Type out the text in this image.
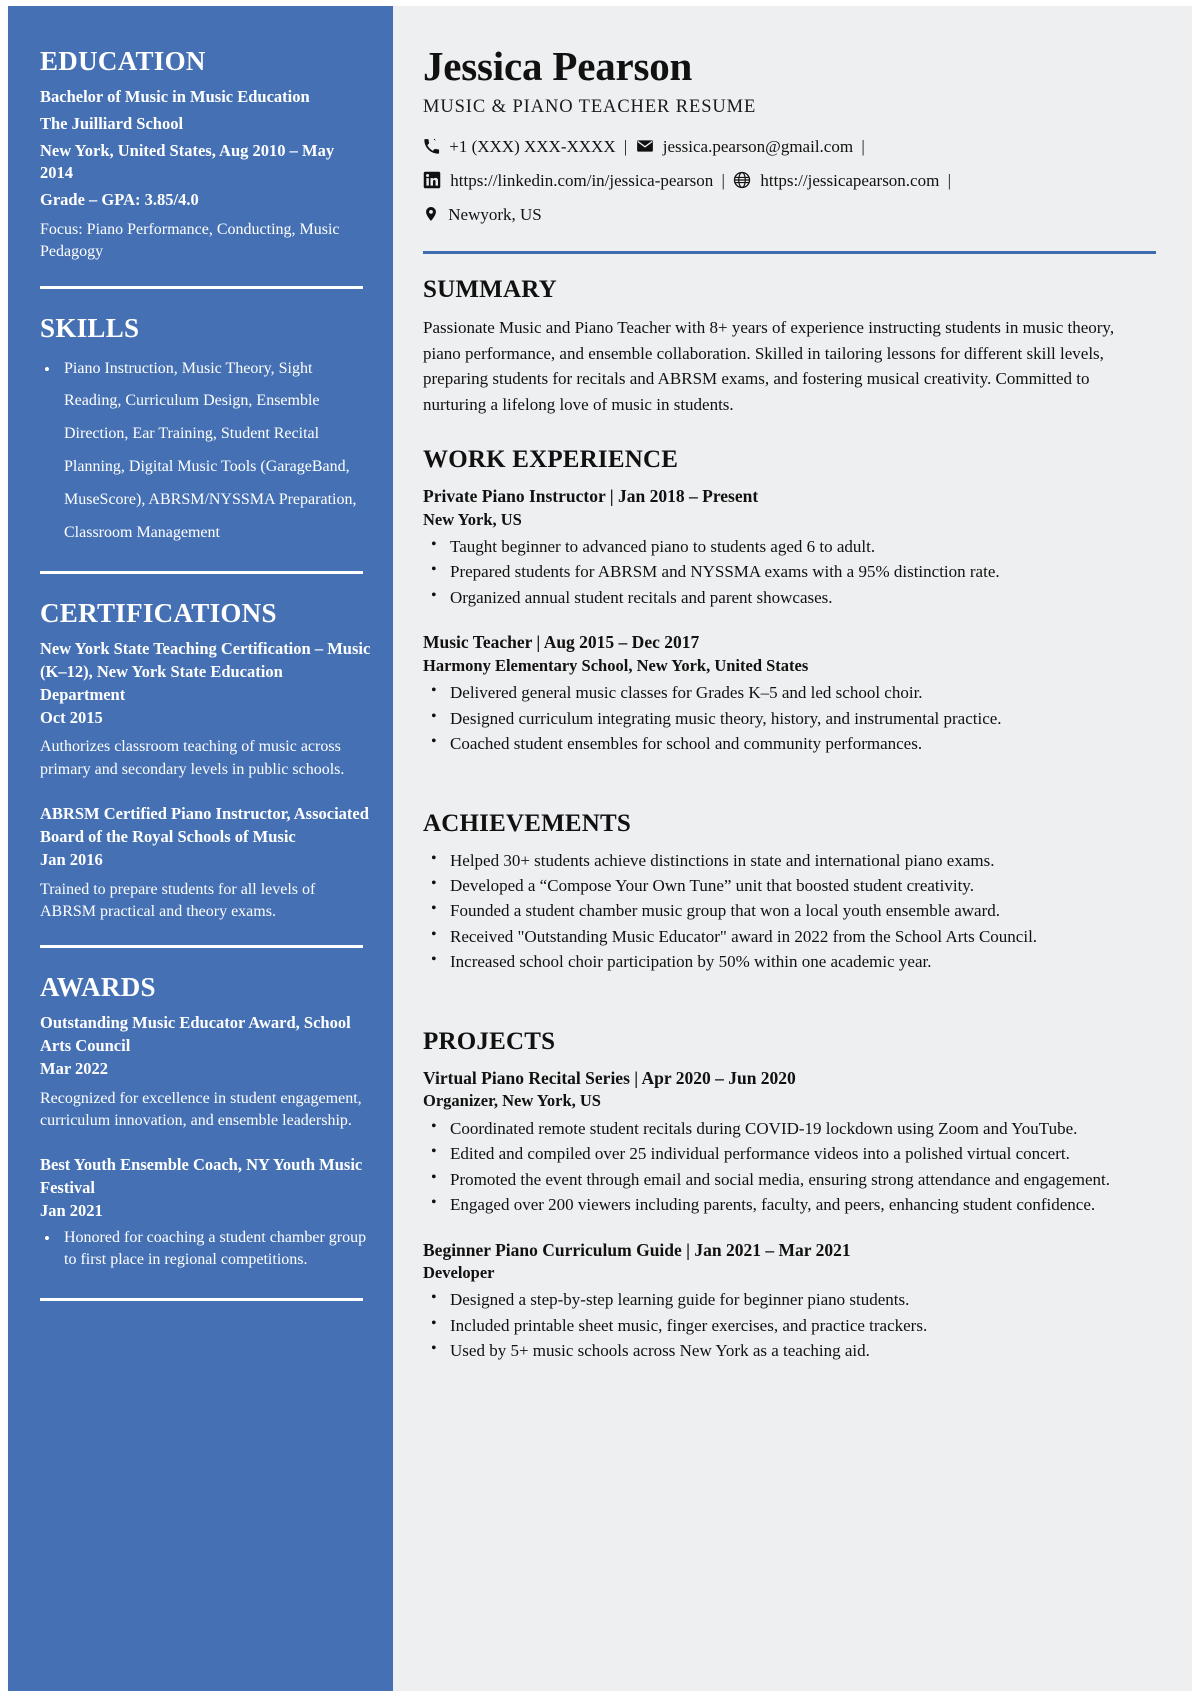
EDUCATION
Bachelor of Music in Music Education
The Juilliard School
New York, United States, Aug 2010 – May 2014
Grade – GPA: 3.85/4.0
Focus: Piano Performance, Conducting, Music Pedagogy
SKILLS
• Piano Instruction, Music Theory, Sight Reading, Curriculum Design, Ensemble Direction, Ear Training, Student Recital Planning, Digital Music Tools (GarageBand, MuseScore), ABRSM/NYSSMA Preparation, Classroom Management
CERTIFICATIONS
New York State Teaching Certification – Music (K–12), New York State Education Department
Oct 2015
Authorizes classroom teaching of music across primary and secondary levels in public schools.
ABRSM Certified Piano Instructor, Associated Board of the Royal Schools of Music
Jan 2016
Trained to prepare students for all levels of ABRSM practical and theory exams.
AWARDS
Outstanding Music Educator Award, School Arts Council
Mar 2022
Recognized for excellence in student engagement, curriculum innovation, and ensemble leadership.
Best Youth Ensemble Coach, NY Youth Music Festival
Jan 2021
• Honored for coaching a student chamber group to first place in regional competitions.
Jessica Pearson
MUSIC & PIANO TEACHER RESUME
+1 (XXX) XXX-XXXX | jessica.pearson@gmail.com |
https://linkedin.com/in/jessica-pearson | https://jessicapearson.com |
Newyork, US
SUMMARY

Passionate Music and Piano Teacher with 8+ years of experience instructing students in music theory, piano performance, and ensemble collaboration. Skilled in tailoring lessons for different skill levels, preparing students for recitals and ABRSM exams, and fostering musical creativity. Committed to nurturing a lifelong love of music in students.

WORK EXPERIENCE
Private Piano Instructor | Jan 2018 – Present
New York, US
• Taught beginner to advanced piano to students aged 6 to adult.
• Prepared students for ABRSM and NYSSMA exams with a 95% distinction rate.
• Organized annual student recitals and parent showcases.
Music Teacher | Aug 2015 – Dec 2017
Harmony Elementary School, New York, United States
• Delivered general music classes for Grades K–5 and led school choir.
• Designed curriculum integrating music theory, history, and instrumental practice.
• Coached student ensembles for school and community performances.
ACHIEVEMENTS
• Helped 30+ students achieve distinctions in state and international piano exams.
• Developed a “Compose Your Own Tune” unit that boosted student creativity.
• Founded a student chamber music group that won a local youth ensemble award.
• Received "Outstanding Music Educator" award in 2022 from the School Arts Council.
• Increased school choir participation by 50% within one academic year.
PROJECTS
Virtual Piano Recital Series | Apr 2020 – Jun 2020
Organizer, New York, US
• Coordinated remote student recitals during COVID-19 lockdown using Zoom and YouTube.
• Edited and compiled over 25 individual performance videos into a polished virtual concert.
• Promoted the event through email and social media, ensuring strong attendance and engagement.
• Engaged over 200 viewers including parents, faculty, and peers, enhancing student confidence.
Beginner Piano Curriculum Guide | Jan 2021 – Mar 2021
Developer
• Designed a step-by-step learning guide for beginner piano students.
• Included printable sheet music, finger exercises, and practice trackers.
• Used by 5+ music schools across New York as a teaching aid.
